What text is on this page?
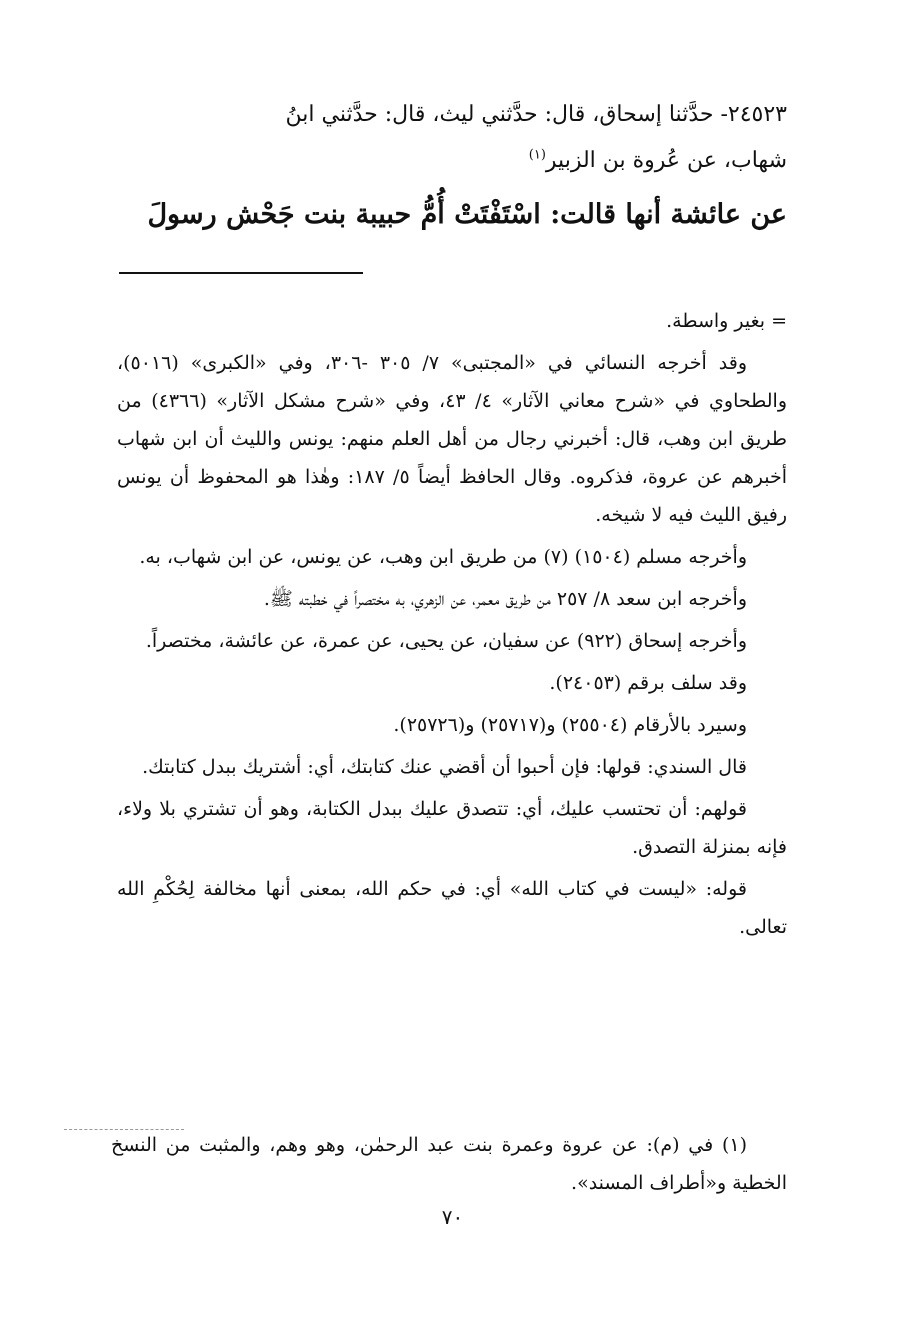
٢٤٥٢٣- حدَّثنا إسحاق، قال: حدَّثني ليث، قال: حدَّثني ابنُ

شهاب، عن عُروة بن الزبير$^{(١)}$

عن عائشة أنها قالت: اسْتَفْتَتْ أُمُّ حبيبة بنت جَحْش رسولَ

= بغير واسطة.

وقد أخرجه النسائي في «المجتبى» ٧/ ٣٠٥ -٣٠٦، وفي «الكبرى» (٥٠١٦)، والطحاوي في «شرح معاني الآثار» ٤/ ٤٣، وفي «شرح مشكل الآثار» (٤٣٦٦) من طريق ابن وهب، قال: أخبرني رجال من أهل العلم منهم: يونس والليث أن ابن شهاب أخبرهم عن عروة، فذكروه. وقال الحافظ أيضاً ٥/ ١٨٧: وهٰذا هو المحفوظ أن يونس رفيق الليث فيه لا شيخه.

وأخرجه مسلم (١٥٠٤) (٧) من طريق ابن وهب، عن يونس، عن ابن شهاب، به.

وأخرجه ابن سعد ٨/ ٢٥٧ من طريق معمر، عن الزهري، به مختصراً في خطبته ﷺ.

وأخرجه إسحاق (٩٢٢) عن سفيان، عن يحيى، عن عمرة، عن عائشة، مختصراً.

وقد سلف برقم (٢٤٠٥٣).

وسيرد بالأرقام (٢٥٥٠٤) و(٢٥٧١٧) و(٢٥٧٢٦).

قال السندي: قولها: فإن أحبوا أن أقضي عنك كتابتك، أي: أشتريك ببدل كتابتك.

قولهم: أن تحتسب عليك، أي: تتصدق عليك ببدل الكتابة، وهو أن تشتري بلا ولاء، فإنه بمنزلة التصدق.

قوله: «ليست في كتاب الله» أي: في حكم الله، بمعنى أنها مخالفة لِحُكْمِ الله تعالى.

(١) في (م): عن عروة وعمرة بنت عبد الرحمٰن، وهو وهم، والمثبت من النسخ الخطية و«أطراف المسند».

٧٠
